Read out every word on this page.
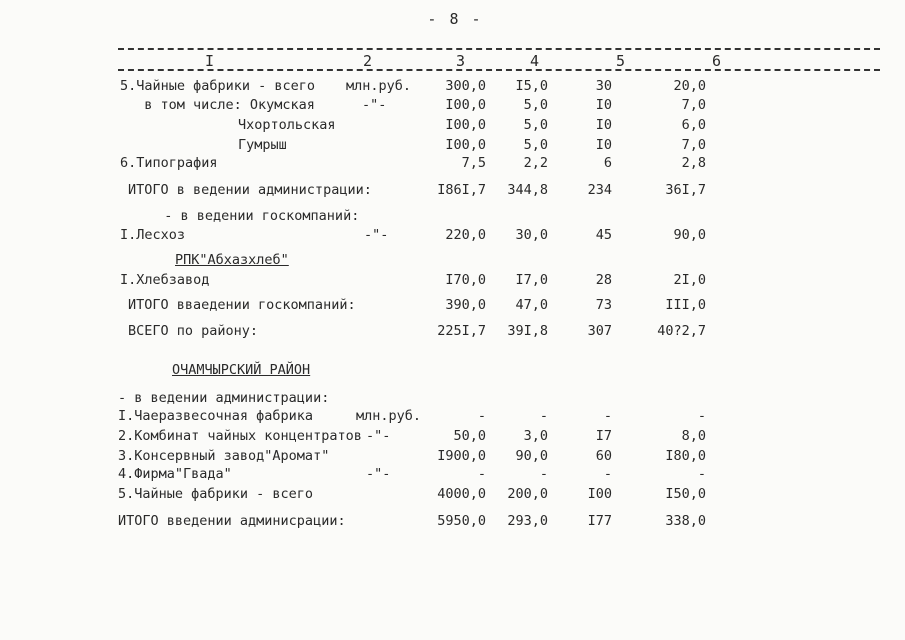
- 8 -
I	2	3	4	5	6
5.Чайные фабрики - всего млн.руб.	300,0	I5,0	30	20,0
в том числе: Окумская	-"-	I00,0	5,0	I0	7,0
Чхортольская	I00,0	5,0	I0	6,0
Гумрыш	I00,0	5,0	I0	7,0
6.Типография	7,5	2,2	6	2,8
ИТОГО в ведении администрации:	I86I,7	344,8	234	36I,7
- в ведении госкомпаний:
I.Лесхоз	-"-	220,0	30,0	45	90,0
РПК"Абхазхлеб"
I.Хлебзавод	I70,0	I7,0	28	2I,0
ИТОГО вваедении госкомпаний:	390,0	47,0	73	III,0
ВСЕГО по району:	225I,7	39I,8	307	40?2,7
ОЧАМЧЫРСКИЙ РАЙОН
- в ведении администрации:
I.Чаеразвесочная фабрика	млн.руб.	-	-	-	-
2.Комбинат чайных концентратов -"-	50,0	3,0	I7	8,0
3.Консервный завод"Аромат"	I900,0	90,0	60	I80,0
4.Фирма"Гвада"	-"-	-	-	-	-
5.Чайные фабрики - всего	4000,0	200,0	I00	I50,0
ИТОГО введении админисрации:	5950,0	293,0	I77	338,0
